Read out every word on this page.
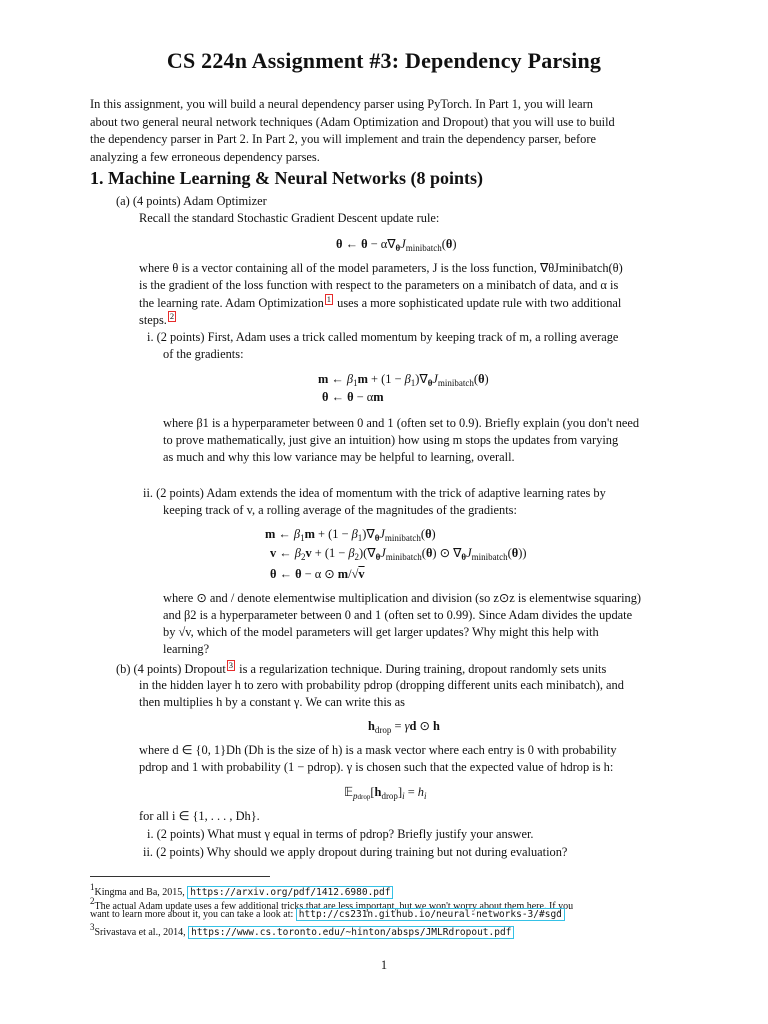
CS 224n Assignment #3: Dependency Parsing
In this assignment, you will build a neural dependency parser using PyTorch. In Part 1, you will learn
about two general neural network techniques (Adam Optimization and Dropout) that you will use to build
the dependency parser in Part 2. In Part 2, you will implement and train the dependency parser, before
analyzing a few erroneous dependency parses.
1. Machine Learning & Neural Networks (8 points)
(a) (4 points) Adam Optimizer
Recall the standard Stochastic Gradient Descent update rule:
θ ← $\theta - \alpha\nabla_\theta J_{minibatch}(\theta)$
where θ is a vector containing all of the model parameters, J is the loss function, ∇θJminibatch(θ)
is the gradient of the loss function with respect to the parameters on a minibatch of data, and α is
the learning rate. Adam Optimization 1 uses a more sophisticated update rule with two additional
steps. 2
i. (2 points) First, Adam uses a trick called momentum by keeping track of m, a rolling average
of the gradients:
m ← $\beta_1m + (1 - \beta_1)\nabla_\theta J_{minibatch}(\theta)$
θ ← θ − αm
where β1 is a hyperparameter between 0 and 1 (often set to 0.9). Briefly explain (you don't need
to prove mathematically, just give an intuition) how using m stops the updates from varying
as much and why this low variance may be helpful to learning, overall.
ii. (2 points) Adam extends the idea of momentum with the trick of adaptive learning rates by
keeping track of v, a rolling average of the magnitudes of the gradients:
m ← $\beta_1m + (1 - \beta_1)\nabla_\theta J_{minibatch}(\theta)$
v ← $\beta_2v + (1 - \beta_2)(\nabla_\theta J_{minibatch}(\theta)$ ⊙ $\nabla_\theta J_{minibatch}(\theta)$)
θ ← θ − α ⊙ m/√v
where ⊙ and / denote elementwise multiplication and division (so z⊙z is elementwise squaring)
and β2 is a hyperparameter between 0 and 1 (often set to 0.99). Since Adam divides the update
by √v, which of the model parameters will get larger updates? Why might this help with
learning?
(b) (4 points) Dropout 3 is a regularization technique. During training, dropout randomly sets units
in the hidden layer h to zero with probability pdrop (dropping different units each minibatch), and
then multiplies h by a constant γ. We can write this as
$h_{drop} = \gamma d$ ⊙ h
where d ∈ {0, 1}Dh (Dh is the size of h) is a mask vector where each entry is 0 with probability
pdrop and 1 with probability (1 − pdrop). γ is chosen such that the expected value of hdrop is h:
$𝔼_{pdrop}[h_{drop}]_i = h_i$
for all i ∈ {1, . . . , Dh}.
i. (2 points) What must γ equal in terms of pdrop? Briefly justify your answer.
ii. (2 points) Why should we apply dropout during training but not during evaluation?
1Kingma and Ba, 2015, https://arxiv.org/pdf/1412.6980.pdf
2The actual Adam update uses a few additional tricks that are less important, but we won't worry about them here. If you
want to learn more about it, you can take a look at: http://cs231n.github.io/neural-networks-3/#sgd
3Srivastava et al., 2014, https://www.cs.toronto.edu/~hinton/absps/JMLRdropout.pdf
1
